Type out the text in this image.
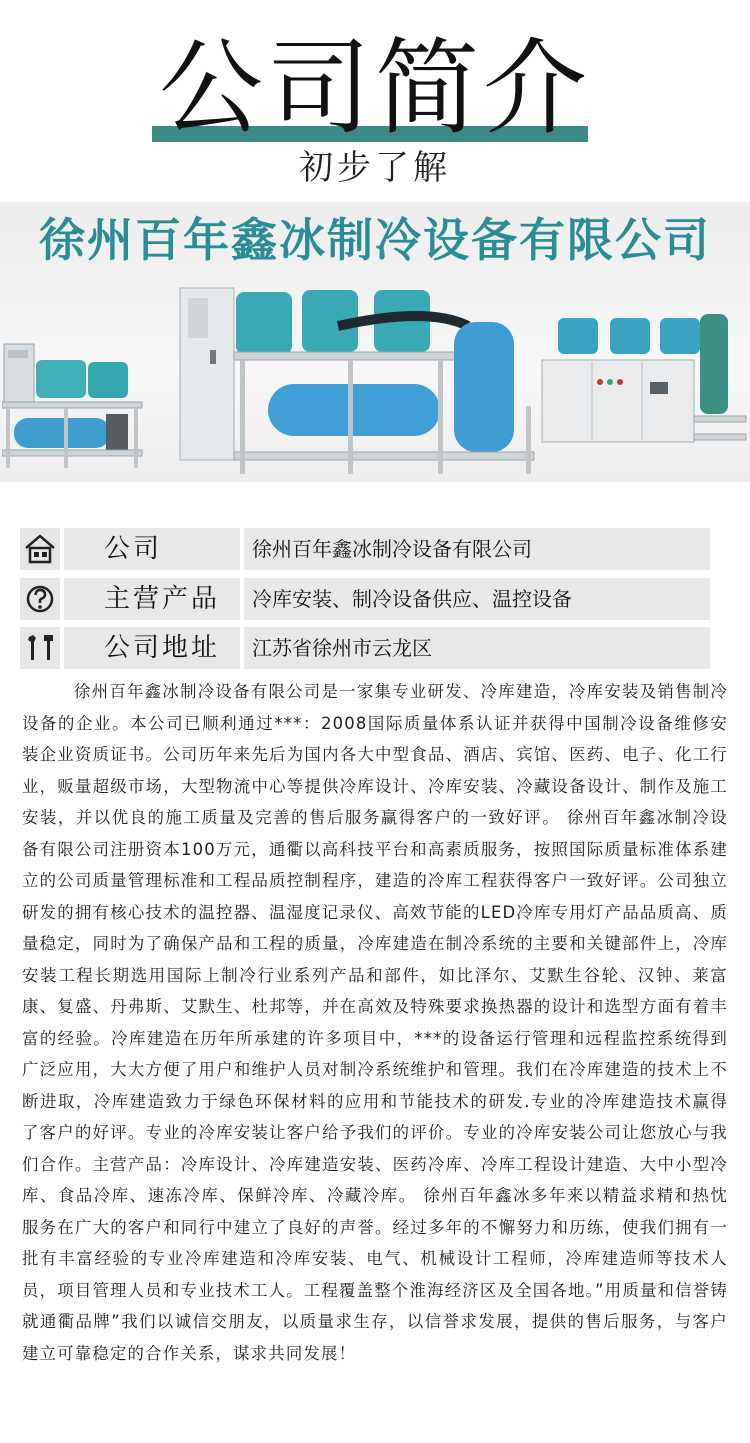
公司简介
初步了解
徐州百年鑫冰制冷设备有限公司
公司	徐州百年鑫冰制冷设备有限公司
主营产品	冷库安装、制冷设备供应、温控设备
公司地址	江苏省徐州市云龙区

徐州百年鑫冰制冷设备有限公司是一家集专业研发、冷库建造，冷库安装及销售制冷设备的企业。本公司已顺利通过***：2008国际质量体系认证并获得中国制冷设备维修安装企业资质证书。公司历年来先后为国内各大中型食品、酒店、宾馆、医药、电子、化工行业，贩量超级市场，大型物流中心等提供冷库设计、冷库安装、冷藏设备设计、制作及施工安装，并以优良的施工质量及完善的售后服务赢得客户的一致好评。 徐州百年鑫冰制冷设备有限公司注册资本100万元，通衢以高科技平台和高素质服务，按照国际质量标准体系建立的公司质量管理标准和工程品质控制程序，建造的冷库工程获得客户一致好评。公司独立研发的拥有核心技术的温控器、温湿度记录仪、高效节能的LED冷库专用灯产品品质高、质量稳定，同时为了确保产品和工程的质量，冷库建造在制冷系统的主要和关键部件上，冷库安装工程长期选用国际上制冷行业系列产品和部件，如比泽尔、艾默生谷轮、汉钟、莱富康、复盛、丹弗斯、艾默生、杜邦等，并在高效及特殊要求换热器的设计和选型方面有着丰富的经验。冷库建造在历年所承建的许多项目中，***的设备运行管理和远程监控系统得到广泛应用，大大方便了用户和维护人员对制冷系统维护和管理。我们在冷库建造的技术上不断进取，冷库建造致力于绿色环保材料的应用和节能技术的研发.专业的冷库建造技术赢得了客户的好评。专业的冷库安装让客户给予我们的评价。专业的冷库安装公司让您放心与我们合作。主营产品：冷库设计、冷库建造安装、医药冷库、冷库工程设计建造、大中小型冷库、食品冷库、速冻冷库、保鲜冷库、冷藏冷库。 徐州百年鑫冰多年来以精益求精和热忱服务在广大的客户和同行中建立了良好的声誉。经过多年的不懈努力和历练，使我们拥有一批有丰富经验的专业冷库建造和冷库安装、电气、机械设计工程师，冷库建造师等技术人员，项目管理人员和专业技术工人。工程覆盖整个淮海经济区及全国各地。”用质量和信誉铸就通衢品牌”我们以诚信交朋友，以质量求生存，以信誉求发展，提供的售后服务，与客户建立可靠稳定的合作关系，谋求共同发展！
